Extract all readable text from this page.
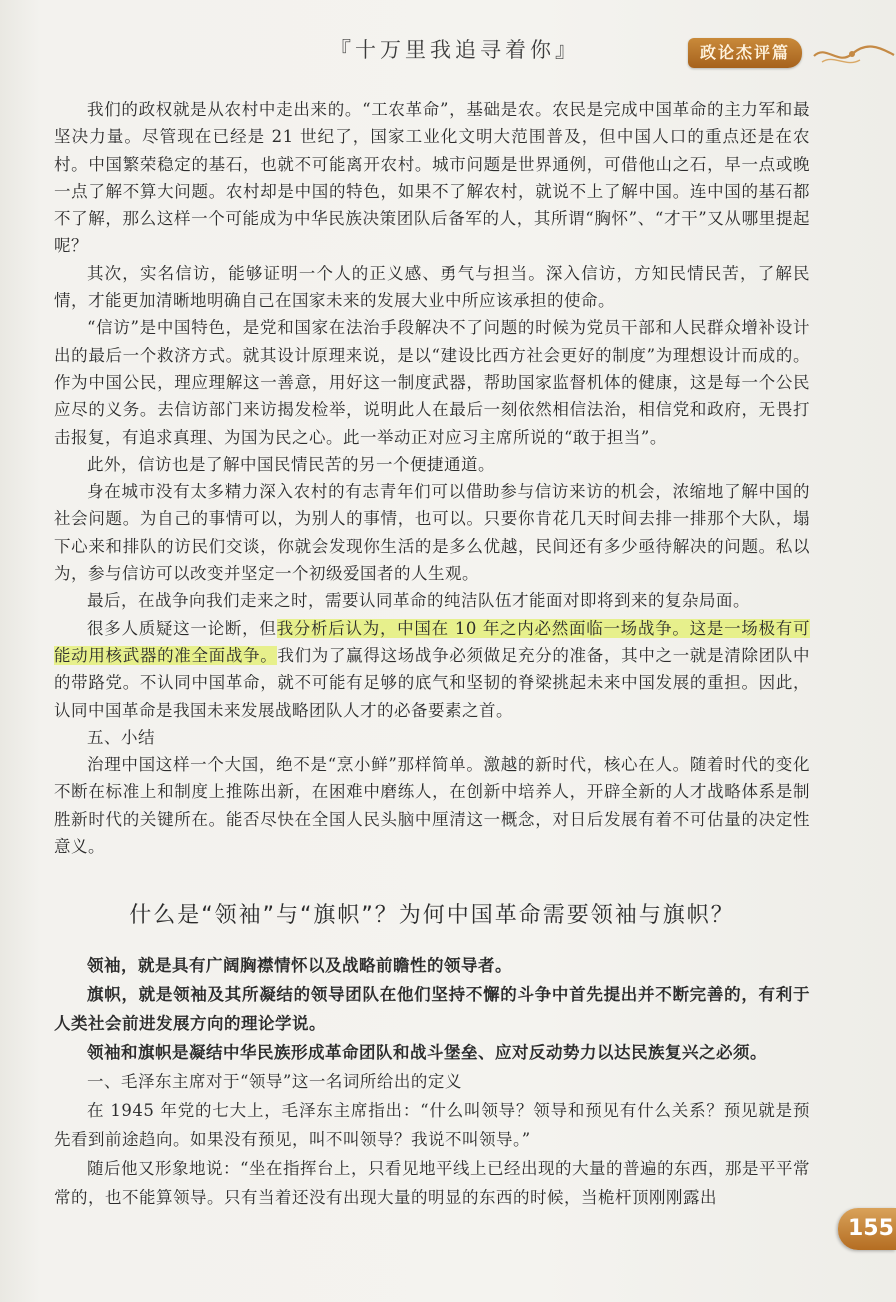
『十万里我追寻着你』	政论杰评篇

我们的政权就是从农村中走出来的。“工农革命”，基础是农。农民是完成中国革命的主力军和最坚决力量。尽管现在已经是 21 世纪了，国家工业化文明大范围普及，但中国人口的重点还是在农村。中国繁荣稳定的基石，也就不可能离开农村。城市问题是世界通例，可借他山之石，早一点或晚一点了解不算大问题。农村却是中国的特色，如果不了解农村，就说不上了解中国。连中国的基石都不了解，那么这样一个可能成为中华民族决策团队后备军的人，其所谓“胸怀”、“才干”又从哪里提起呢？

其次，实名信访，能够证明一个人的正义感、勇气与担当。深入信访，方知民情民苦，了解民情，才能更加清晰地明确自己在国家未来的发展大业中所应该承担的使命。

“信访”是中国特色，是党和国家在法治手段解决不了问题的时候为党员干部和人民群众增补设计出的最后一个救济方式。就其设计原理来说，是以“建设比西方社会更好的制度”为理想设计而成的。作为中国公民，理应理解这一善意，用好这一制度武器，帮助国家监督机体的健康，这是每一个公民应尽的义务。去信访部门来访揭发检举，说明此人在最后一刻依然相信法治，相信党和政府，无畏打击报复，有追求真理、为国为民之心。此一举动正对应习主席所说的“敢于担当”。

此外，信访也是了解中国民情民苦的另一个便捷通道。

身在城市没有太多精力深入农村的有志青年们可以借助参与信访来访的机会，浓缩地了解中国的社会问题。为自己的事情可以，为别人的事情，也可以。只要你肯花几天时间去排一排那个大队，塌下心来和排队的访民们交谈，你就会发现你生活的是多么优越，民间还有多少亟待解决的问题。私以为，参与信访可以改变并坚定一个初级爱国者的人生观。

最后，在战争向我们走来之时，需要认同革命的纯洁队伍才能面对即将到来的复杂局面。

很多人质疑这一论断，但我分析后认为，中国在 10 年之内必然面临一场战争。这是一场极有可能动用核武器的准全面战争。我们为了赢得这场战争必须做足充分的准备，其中之一就是清除团队中的带路党。不认同中国革命，就不可能有足够的底气和坚韧的脊梁挑起未来中国发展的重担。因此，认同中国革命是我国未来发展战略团队人才的必备要素之首。

五、小结

治理中国这样一个大国，绝不是“烹小鲜”那样简单。激越的新时代，核心在人。随着时代的变化不断在标准上和制度上推陈出新，在困难中磨练人，在创新中培养人，开辟全新的人才战略体系是制胜新时代的关键所在。能否尽快在全国人民头脑中厘清这一概念，对日后发展有着不可估量的决定性意义。

什么是“领袖”与“旗帜”？为何中国革命需要领袖与旗帜？

领袖，就是具有广阔胸襟情怀以及战略前瞻性的领导者。

旗帜，就是领袖及其所凝结的领导团队在他们坚持不懈的斗争中首先提出并不断完善的，有利于人类社会前进发展方向的理论学说。

领袖和旗帜是凝结中华民族形成革命团队和战斗堡垒、应对反动势力以达民族复兴之必须。

一、毛泽东主席对于“领导”这一名词所给出的定义

在 1945 年党的七大上，毛泽东主席指出：“什么叫领导？领导和预见有什么关系？预见就是预先看到前途趋向。如果没有预见，叫不叫领导？我说不叫领导。”

随后他又形象地说：“坐在指挥台上，只看见地平线上已经出现的大量的普遍的东西，那是平平常常的，也不能算领导。只有当着还没有出现大量的明显的东西的时候，当桅杆顶刚刚露出

155
